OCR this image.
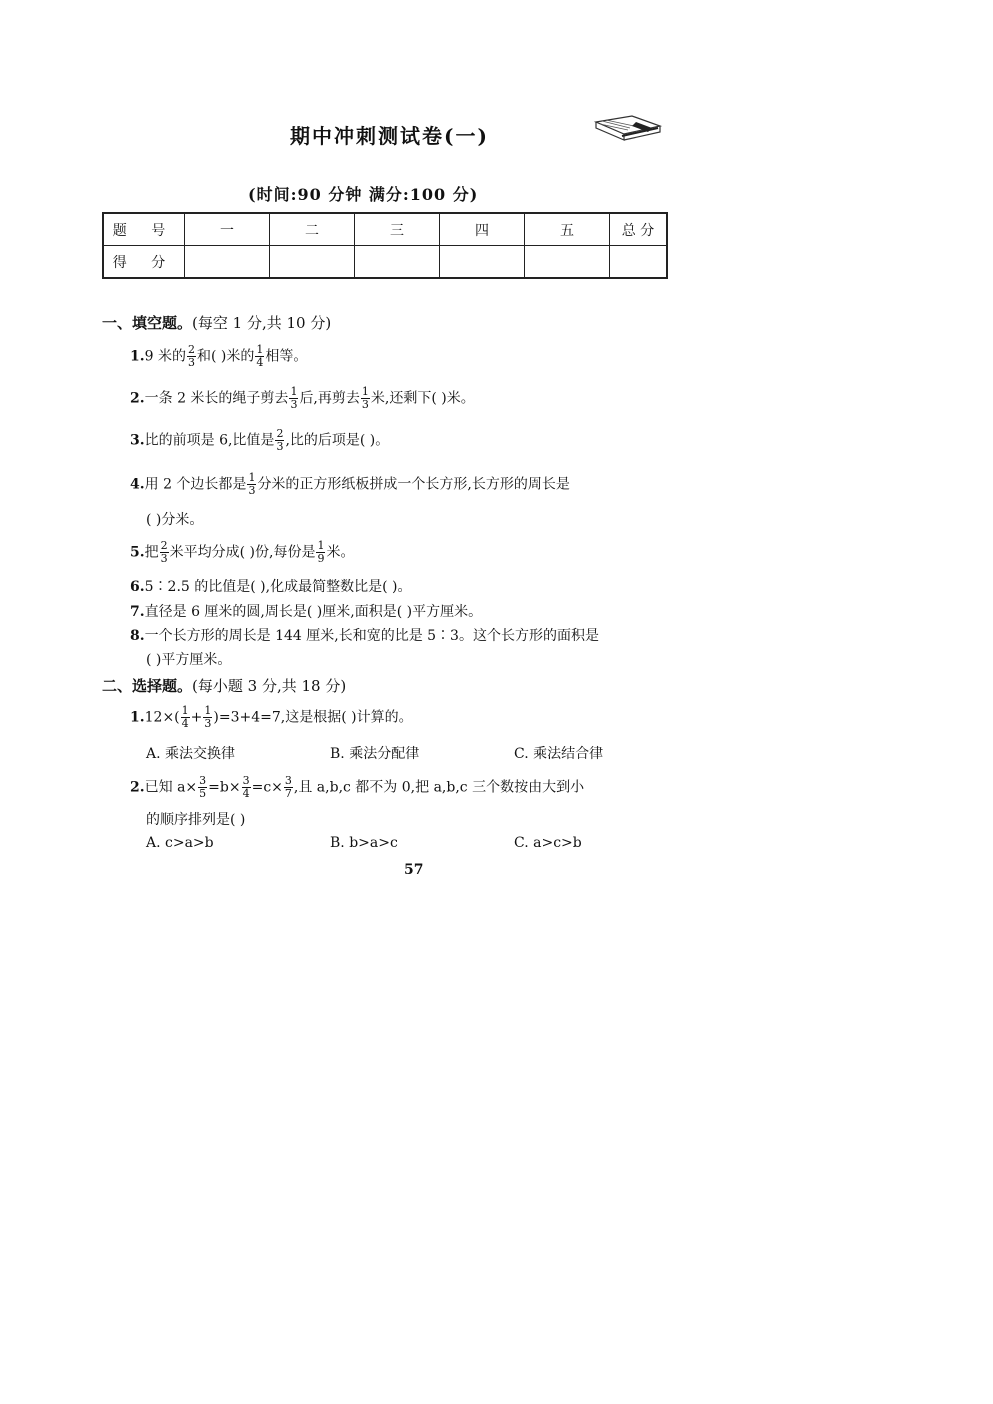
期中冲刺测试卷(一)
(时间:90 分钟 满分:100 分)
题 号	一	二	三	四	五	总 分
得 分						
一、填空题。(每空 1 分,共 10 分)
1.9 米的 $\frac{2}{3}$ 和( )米的 $\frac{1}{4}$ 相等。
2.一条 2 米长的绳子剪去 $\frac{1}{3}$ 后,再剪去 $\frac{1}{3}$ 米,还剩下( )米。
3.比的前项是 6,比值是 $\frac{2}{3}$ ,比的后项是( )。
4.用 2 个边长都是 $\frac{1}{3}$ 分米的正方形纸板拼成一个长方形,长方形的周长是
( )分米。
5.把 $\frac{2}{3}$ 米平均分成( )份,每份是 $\frac{1}{9}$ 米。
6.5∶2.5 的比值是( ),化成最简整数比是( )。
7.直径是 6 厘米的圆,周长是( )厘米,面积是( )平方厘米。
8.一个长方形的周长是 144 厘米,长和宽的比是 5∶3。这个长方形的面积是
( )平方厘米。
二、选择题。(每小题 3 分,共 18 分)
$1.12\times( \frac{1}{4} + \frac{1}{3} )=3+4=7$,这是根据( )计算的。
A. 乘法交换律	B. 乘法分配律	C. 乘法结合律
2.已知 $a\times \frac{3}{5} =b\times \frac{3}{4} =c\times \frac{3}{7}$ ,且 a,b,c 都不为 0,把 a,b,c 三个数按由大到小
的顺序排列是( )
A. c>a>b	B. b>a>c	C. a>c>b
57
